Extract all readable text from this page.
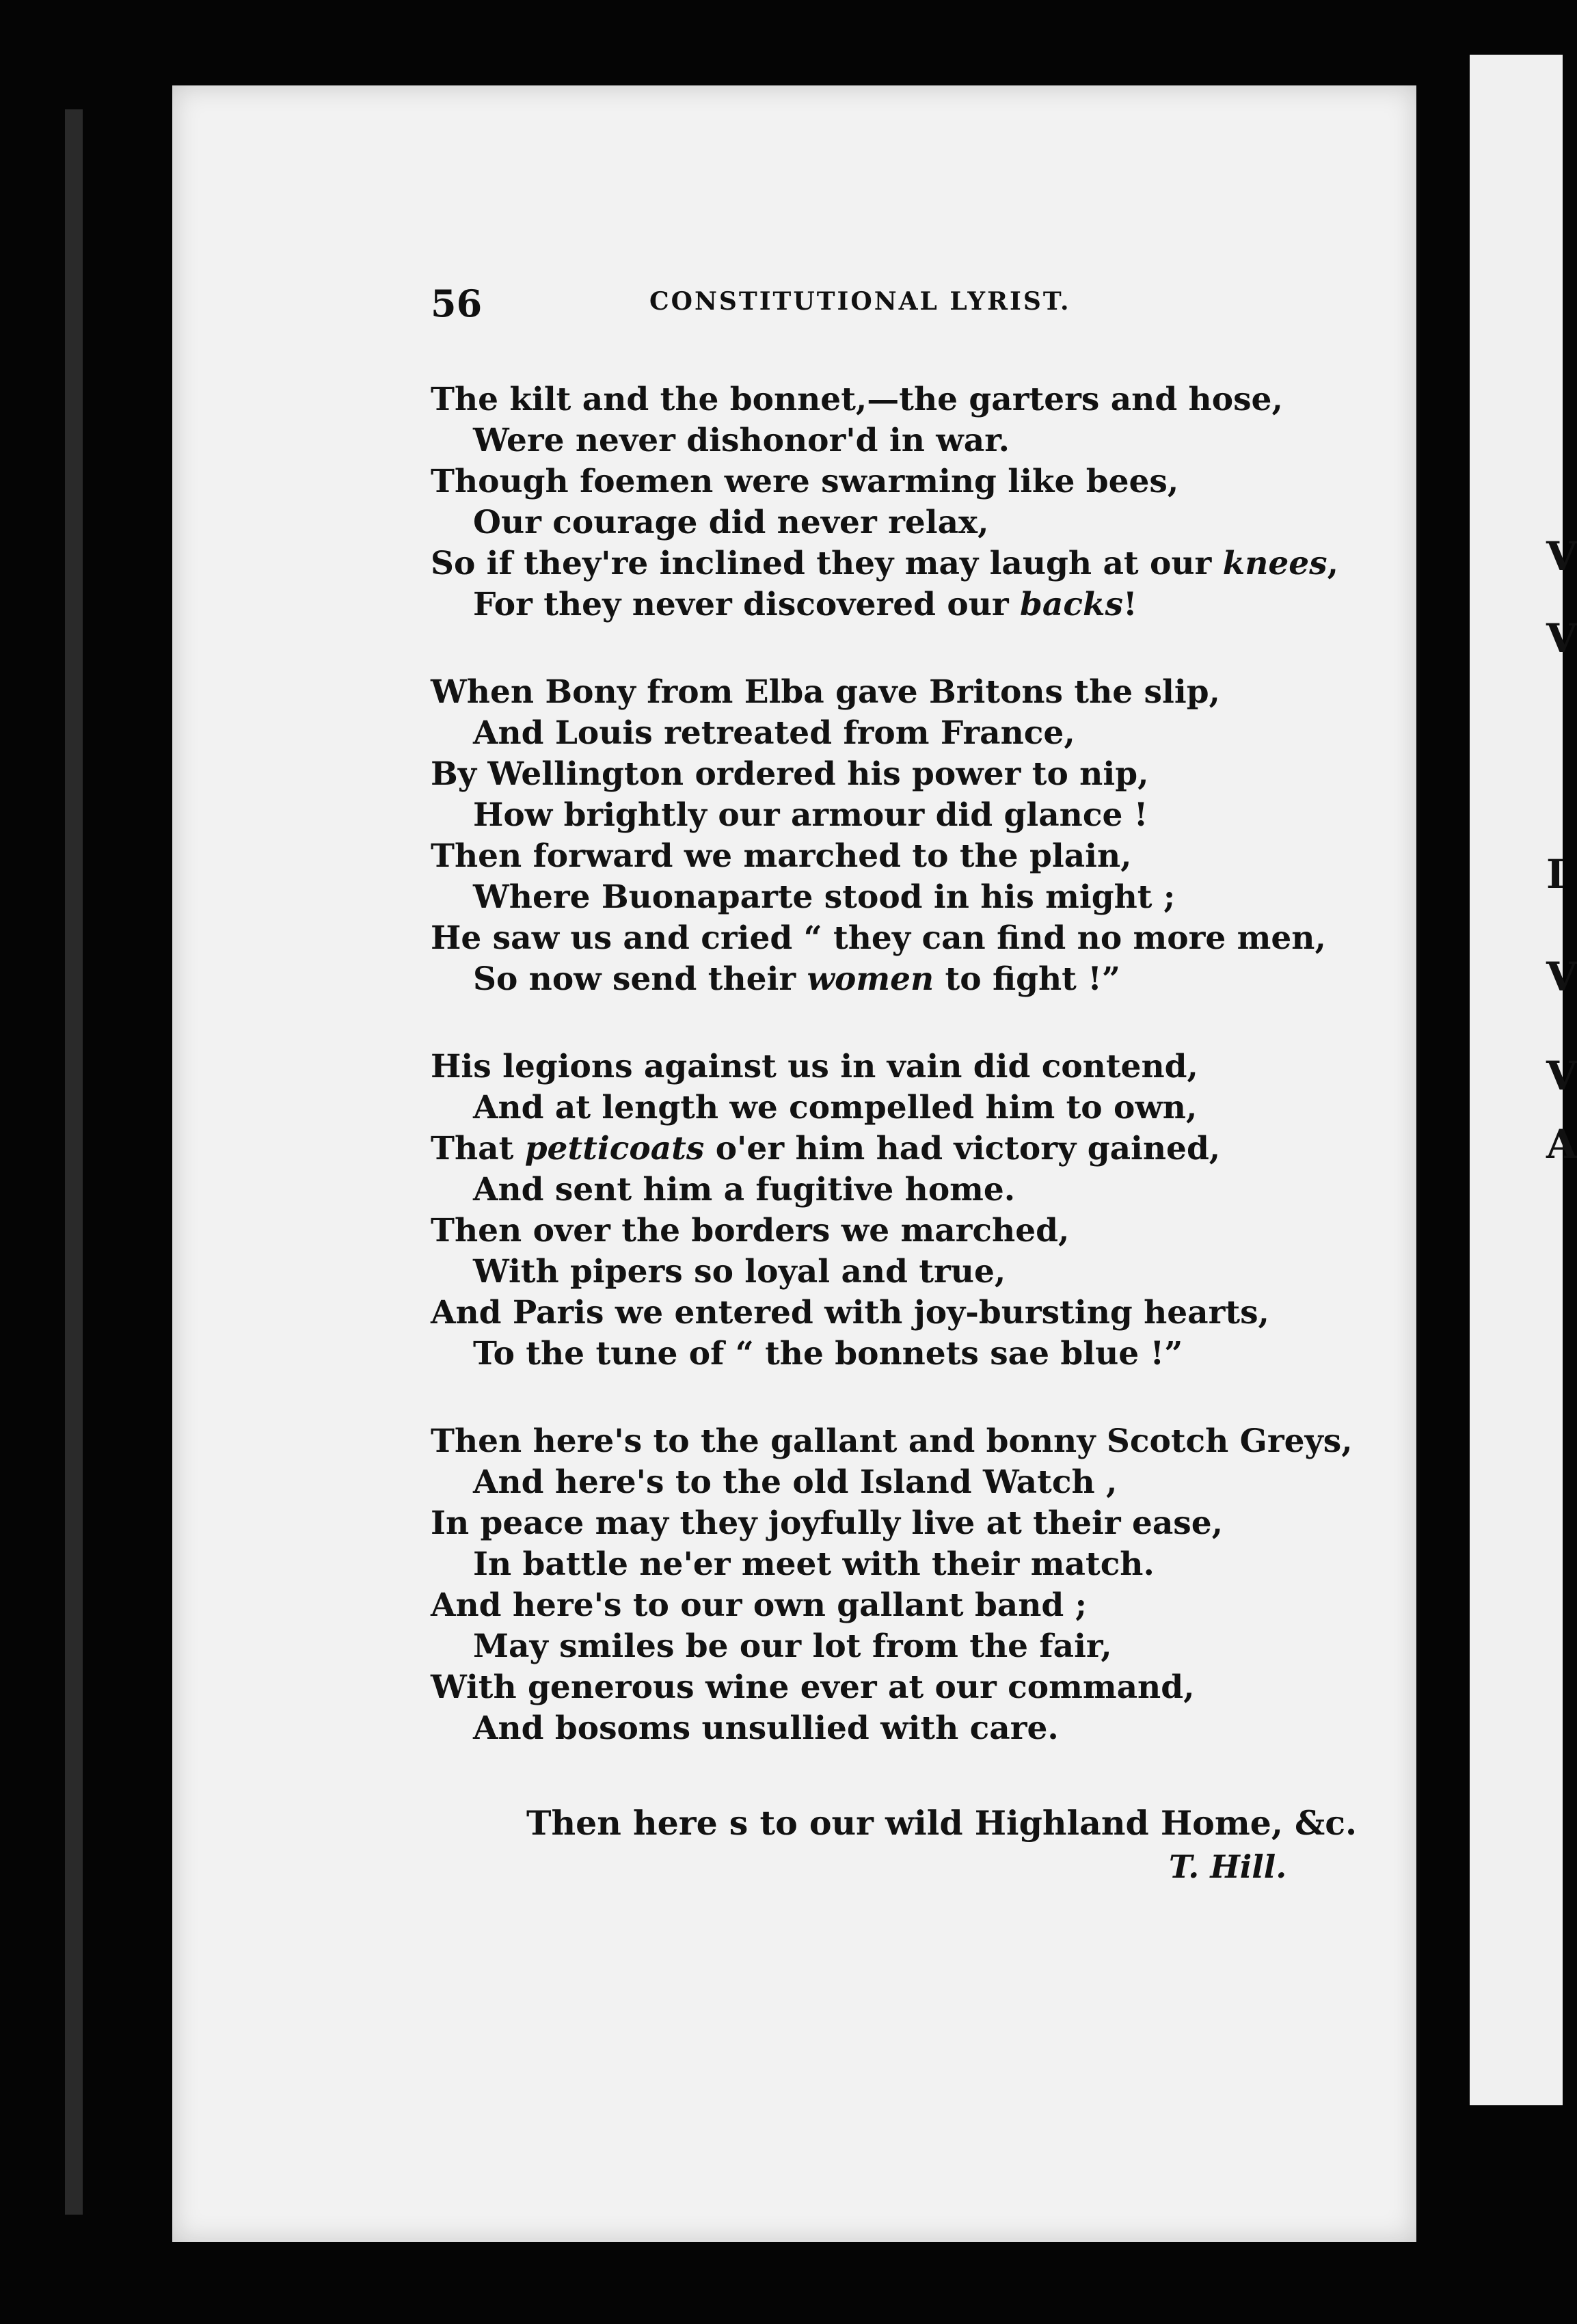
V
V
I
V
V
A
56	CONSTITUTIONAL LYRIST.
The kilt and the bonnet,—the garters and hose,
Were never dishonor'd in war.
Though foemen were swarming like bees,
Our courage did never relax,
So if they're inclined they may laugh at our knees,
For they never discovered our backs!
When Bony from Elba gave Britons the slip,
And Louis retreated from France,
By Wellington ordered his power to nip,
How brightly our armour did glance !
Then forward we marched to the plain,
Where Buonaparte stood in his might ;
He saw us and cried “ they can find no more men,
So now send their women to fight !”
His legions against us in vain did contend,
And at length we compelled him to own,
That petticoats o'er him had victory gained,
And sent him a fugitive home.
Then over the borders we marched,
With pipers so loyal and true,
And Paris we entered with joy-bursting hearts,
To the tune of “ the bonnets sae blue !”
Then here's to the gallant and bonny Scotch Greys,
And here's to the old Island Watch ,
In peace may they joyfully live at their ease,
In battle ne'er meet with their match.
And here's to our own gallant band ;
May smiles be our lot from the fair,
With generous wine ever at our command,
And bosoms unsullied with care.
Then here s to our wild Highland Home, &c.
T. Hill.
